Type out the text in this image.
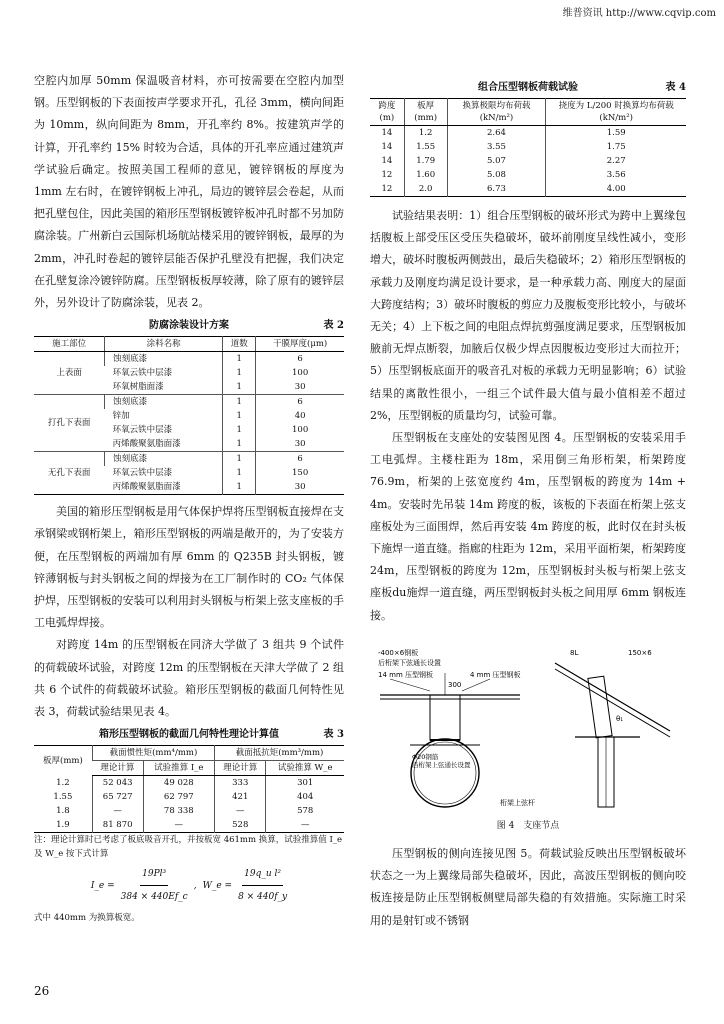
维普资讯 http://www.cqvip.com

空腔内加厚 50mm 保温吸音材料，亦可按需要在空腔内加型钢。压型钢板的下表面按声学要求开孔，孔径 3mm，横向间距为 10mm，纵向间距为 8mm，开孔率约 8%。按建筑声学的计算，开孔率约 15% 时较为合适，具体的开孔率应通过建筑声学试验后确定。按照美国工程师的意见，镀锌钢板的厚度为 1mm 左右时，在镀锌钢板上冲孔，局边的镀锌层会卷起，从而把孔壁包住，因此美国的箱形压型钢板镀锌板冲孔时都不另加防腐涂装。广州新白云国际机场航站楼采用的镀锌钢板，最厚的为 2mm，冲孔时卷起的镀锌层能否保护孔壁没有把握，我们决定在孔壁复涂冷镀锌防腐。压型钢板板厚较薄，除了原有的镀锌层外，另外设计了防腐涂装，见表 2。

防腐涂装设计方案	表 2
施工部位	涂料名称	道数	干膜厚度(μm)
上表面	蚀刻底漆	1	6
	环氧云铁中层漆	1	100
	环氧树脂面漆	1	30
打孔下表面	蚀刻底漆	1	6
	锌加	1	40
	环氧云铁中层漆	1	100
	丙烯酸聚氨脂面漆	1	30
无孔下表面	蚀刻底漆	1	6
	环氧云铁中层漆	1	150
	丙烯酸聚氨脂面漆	1	30

美国的箱形压型钢板是用气体保护焊将压型钢板直接焊在支承钢梁或钢桁架上，箱形压型钢板的两端是敞开的，为了安装方便，在压型钢板的两端加有厚 6mm 的 Q235B 封头钢板，镀锌薄钢板与封头钢板之间的焊接为在工厂制作时的 CO₂ 气体保护焊，压型钢板的安装可以利用封头钢板与桁架上弦支座板的手工电弧焊焊接。

对跨度 14m 的压型钢板在同济大学做了 3 组共 9 个试件的荷载破坏试验，对跨度 12m 的压型钢板在天津大学做了 2 组共 6 个试件的荷载破坏试验。箱形压型钢板的截面几何特性见表 3，荷载试验结果见表 4。

箱形压型钢板的截面几何特性理论计算值	表 3
板厚(mm)	截面惯性矩(mm⁴/mm)		截面抵抗矩(mm³/mm)	
	理论计算	试验推算 I_e	理论计算	试验推算 W_e
1.2	52 043	49 028	333	301
1.55	65 727	62 797	421	404
1.8	—	78 338	—	578
1.9	81 870	—	528	—
注：理论计算时已考虑了板底吸音开孔，并按板宽 461mm 换算，试验推算值 I_e 及 W_e 按下式计算
I_e = $\frac{\text{19Pl³}}{384 \times 440Ef\_c}$ , W_e = $\frac{\text{19q\_u l²}}{8 \times 440f\_y}$
式中 440mm 为换算板宽。
组合压型钢板荷载试验	表 4
跨度(m)	板厚(mm)	换算极限均布荷载(kN/m²)	挠度为 L/200 时换算均布荷载(kN/m²)
14	1.2	2.64	1.59
14	1.55	3.55	1.75
14	1.79	5.07	2.27
12	1.60	5.08	3.56
12	2.0	6.73	4.00

试验结果表明：1）组合压型钢板的破坏形式为跨中上翼缘包括腹板上部受压区受压失稳破坏，破坏前刚度呈线性减小，变形增大，破坏时腹板两侧鼓出，最后失稳破坏；2）箱形压型钢板的承载力及刚度均满足设计要求，是一种承载力高、刚度大的屋面大跨度结构；3）破坏时腹板的剪应力及腹板变形比较小，与破坏无关；4）上下板之间的电阻点焊抗剪强度满足要求，压型钢板加腋前无焊点断裂，加腋后仅极少焊点因腹板边变形过大而拉开；5）压型钢板底面开的吸音孔对板的承载力无明显影响；6）试验结果的离散性很小，一组三个试件最大值与最小值相差不超过 2%，压型钢板的质量均匀，试验可靠。

压型钢板在支座处的安装图见图 4。压型钢板的安装采用手工电弧焊。主楼柱距为 18m，采用倒三角形桁架，桁架跨度 76.9m，桁架的上弦宽度约 4m，压型钢板的跨度为 14m + 4m。安装时先吊装 14m 跨度的板，该板的下表面在桁架上弦支座板处为三面围焊，然后再安装 4m 跨度的板，此时仅在封头板下施焊一道直缝。指廊的柱距为 12m，采用平面桁架，桁架跨度 24m，压型钢板的跨度为 12m，压型钢板封头板与桁架上弦支座板du施焊一道直缝，两压型钢板封头板之间用厚 6mm 钢板连接。

-400×6钢板
后桁架下弦通长设置
14 mm 压型钢板	4 mm 压型钢板
300
Φ20钢筋
沿桁架上弦通长设置
桁架上弦杆
8L	150×6
θ₁
图 4　支座节点

压型钢板的侧向连接见图 5。荷载试验反映出压型钢板破坏状态之一为上翼缘局部失稳破坏，因此，高波压型钢板的侧向咬板连接是防止压型钢板侧壁局部失稳的有效措施。实际施工时采用的是射钉或不锈钢

26
